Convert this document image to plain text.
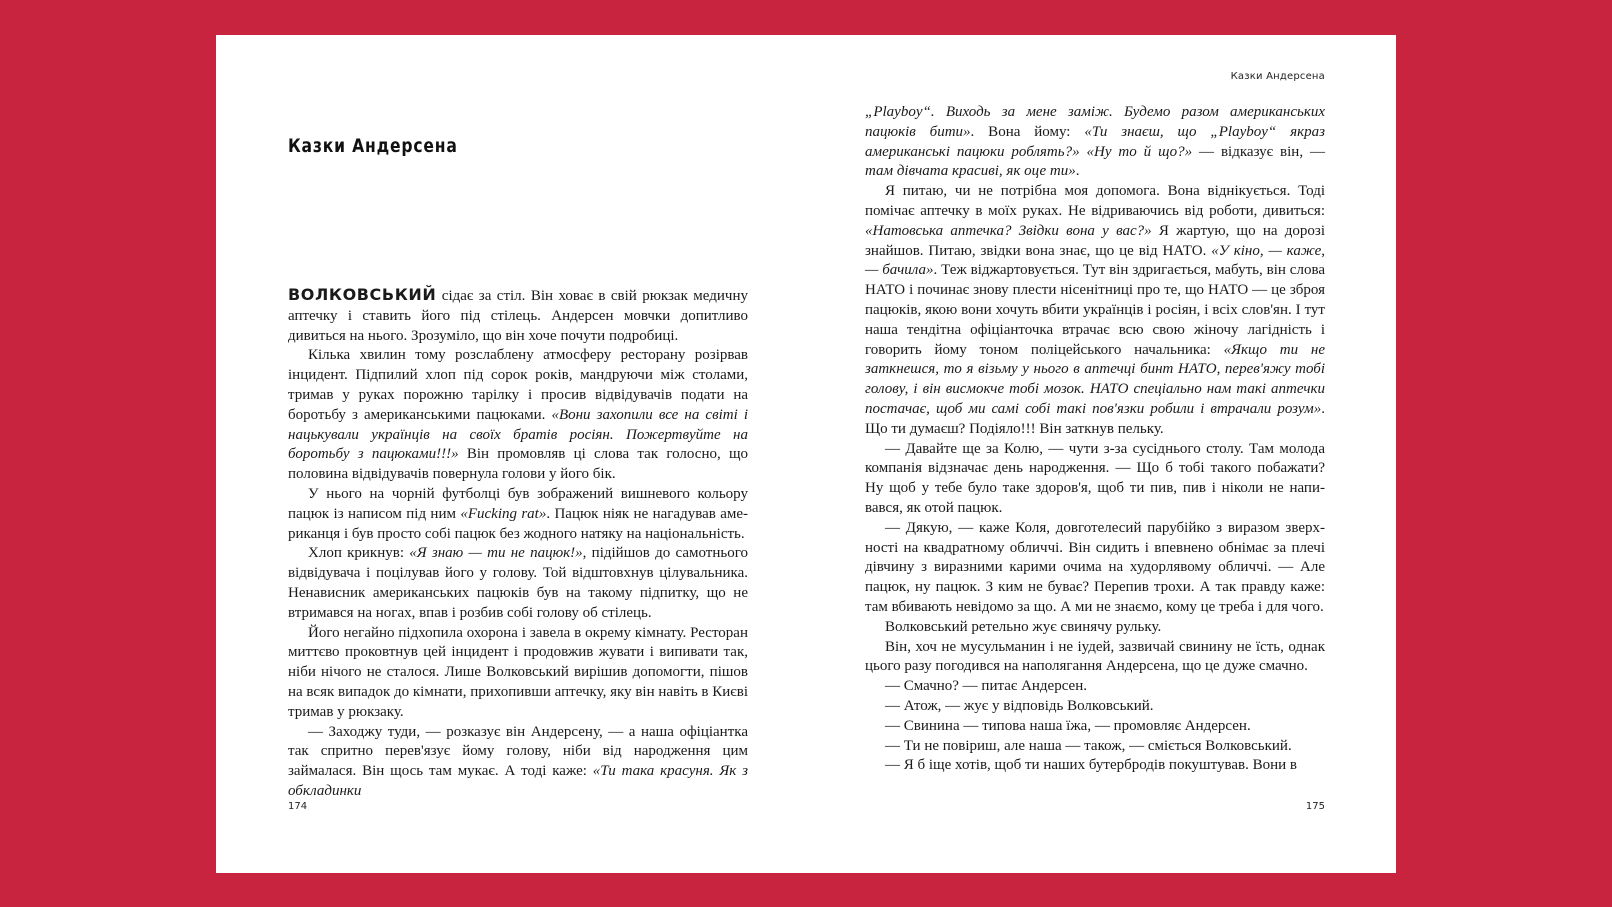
Казки Андерсена

ВОЛКОВСЬКИЙ сідає за стіл. Він ховає в свій рюкзак медичну аптечку і ставить його під стілець. Андерсен мовчки допитливо дивиться на нього. Зрозуміло, що він хоче почути подробиці.

Кілька хвилин тому розслаблену атмосферу ресторану розірвав інцидент. Підпилий хлоп під сорок років, мандруючи між столами, тримав у руках порожню тарілку і просив відвідувачів подати на боротьбу з американськими пацюками. «Вони захопили все на світі і нацькували українців на своїх братів росіян. Пожертвуйте на боротьбу з пацюками!!!» Він промовляв ці слова так голосно, що половина відвідувачів повернула голови у його бік.

У нього на чорній футболці був зображений вишневого кольору пацюк із написом під ним «Fucking rat». Пацюк ніяк не нагадував американця і був просто собі пацюк без жодного натяку на національність.

Хлоп крикнув: «Я знаю — ти не пацюк!», підійшов до самотнього відвідувача і поцілував його у голову. Той відштовхнув цілувальника. Ненависник американських пацюків був на такому підпитку, що не втримався на ногах, впав і розбив собі голову об стілець.

Його негайно підхопила охорона і завела в окрему кімнату. Ресторан миттєво проковтнув цей інцидент і продовжив жувати і випивати так, ніби нічого не сталося. Лише Волковський вирішив допомогти, пішов на всяк випадок до кімнати, прихопивши аптечку, яку він навіть в Києві тримав у рюкзаку.

— Заходжу туди, — розказує він Андерсену, — а наша офіціантка так спритно перев'язує йому голову, ніби від народження цим займалася. Він щось там мукає. А тоді каже: «Ти така красуня. Як з обкладинки

174
Казки Андерсена

„Playboy“. Виходь за мене заміж. Будемо разом американських пацюків бити». Вона йому: «Ти знаєш, що „Playboy“ якраз американські пацюки роблять?» «Ну то й що?» — відказує він, — там дівчата красиві, як оце ти».

Я питаю, чи не потрібна моя допомога. Вона віднікується. Тоді помічає аптечку в моїх руках. Не відриваючись від роботи, дивиться: «Натовська аптечка? Звідки вона у вас?» Я жартую, що на дорозі знайшов. Питаю, звідки вона знає, що це від НАТО. «У кіно, — каже, — бачила». Теж віджартовується. Тут він здригається, мабуть, він слова НАТО і починає знову плести нісенітниці про те, що НАТО — це зброя пацюків, якою вони хочуть вбити українців і росіян, і всіх слов'ян. І тут наша тендітна офіціанточка втрачає всю свою жіночу лагідність і говорить йому тоном поліцейського начальника: «Якщо ти не заткнешся, то я візьму у нього в аптечці бинт НАТО, перев'яжу тобі голову, і він висмокче тобі мозок. НАТО спеціально нам такі аптечки постачає, щоб ми самі собі такі пов'язки робили і втрачали розум». Що ти думаєш? Подіяло!!! Він заткнув пельку.

— Давайте ще за Колю, — чути з-за сусіднього столу. Там молода компанія відзначає день народження. — Що б тобі такого побажати? Ну щоб у тебе було таке здоров'я, щоб ти пив, пив і ніколи не напивався, як отой пацюк.

— Дякую, — каже Коля, довготелесий парубійко з виразом зверхності на квадратному обличчі. Він сидить і впевнено обнімає за плечі дівчину з виразними карими очима на худорлявому обличчі. — Але пацюк, ну пацюк. З ким не буває? Перепив трохи. А так правду каже: там вбивають невідомо за що. А ми не знаємо, кому це треба і для чого.

Волковський ретельно жує свинячу рульку.

Він, хоч не мусульманин і не іудей, зазвичай свинину не їсть, однак цього разу погодився на наполягання Андерсена, що це дуже смачно.

— Смачно? — питає Андерсен.

— Атож, — жує у відповідь Волковський.

— Свинина — типова наша їжа, — промовляє Андерсен.

— Ти не повіриш, але наша — також, — сміється Волковський.

— Я б іще хотів, щоб ти наших бутербродів покуштував. Вони в

175
